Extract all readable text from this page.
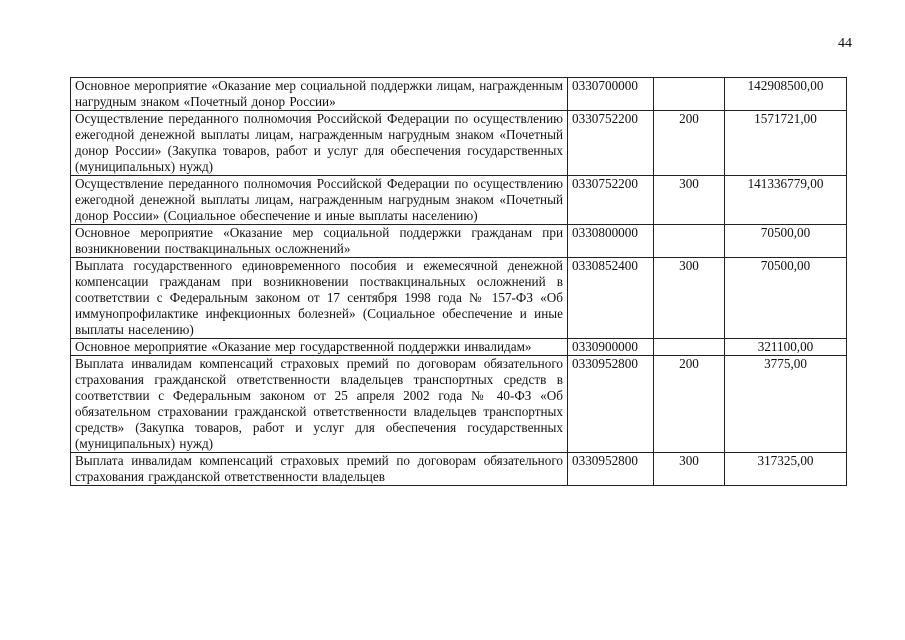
44
Основное мероприятие «Оказание мер социальной поддержки лицам, награжденным нагрудным знаком «Почетный донор России»	0330700000		142908500,00
Осуществление переданного полномочия Российской Федерации по осуществлению ежегодной денежной выплаты лицам, награжденным нагрудным знаком «Почетный донор России» (Закупка товаров, работ и услуг для обеспечения государственных (муниципальных) нужд)	0330752200	200	1571721,00
Осуществление переданного полномочия Российской Федерации по осуществлению ежегодной денежной выплаты лицам, награжденным нагрудным знаком «Почетный донор России» (Социальное обеспечение и иные выплаты населению)	0330752200	300	141336779,00
Основное мероприятие «Оказание мер социальной поддержки гражданам при возникновении поствакцинальных осложнений»	0330800000		70500,00
Выплата государственного единовременного пособия и ежемесячной денежной компенсации гражданам при возникновении поствакцинальных осложнений в соответствии с Федеральным законом от 17 сентября 1998 года № 157-ФЗ «Об иммунопрофилактике инфекционных болезней» (Социальное обеспечение и иные выплаты населению)	0330852400	300	70500,00
Основное мероприятие «Оказание мер государственной поддержки инвалидам»	0330900000		321100,00
Выплата инвалидам компенсаций страховых премий по договорам обязательного страхования гражданской ответственности владельцев транспортных средств в соответствии с Федеральным законом от 25 апреля 2002 года № 40-ФЗ «Об обязательном страховании гражданской ответственности владельцев транспортных средств» (Закупка товаров, работ и услуг для обеспечения государственных (муниципальных) нужд)	0330952800	200	3775,00
Выплата инвалидам компенсаций страховых премий по договорам обязательного страхования гражданской ответственности владельцев	0330952800	300	317325,00
